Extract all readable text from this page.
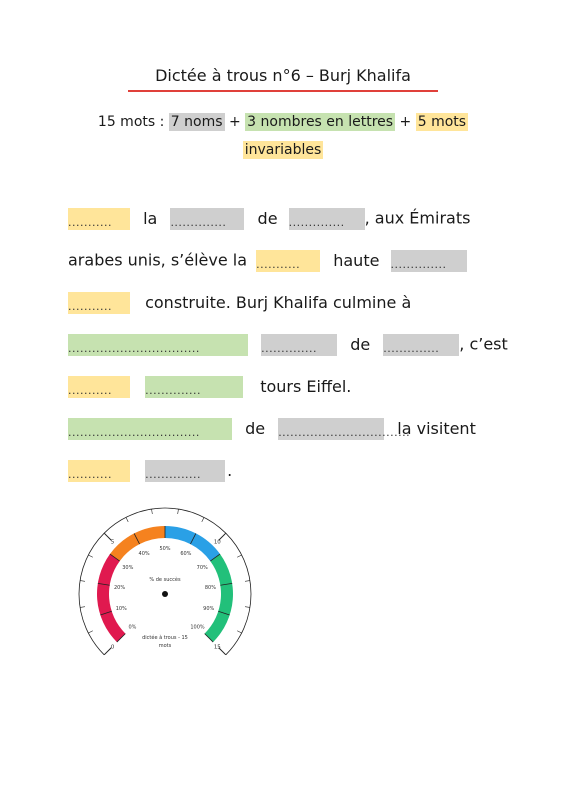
Dictée à trous n°6 – Burj Khalifa
15 mots : 7 noms + 3 nombres en lettres + 5 mots
invariables
........... la .............. de .............. , aux Émirats
arabes unis, s’élève la ........... haute ..............
........... construite. Burj Khalifa culmine à
.................................	.............. de .............. , c’est
...........	..............	tours Eiffel.
.................................	de ................................. la visitent
...........	.............. .
0
5	10
15
0%
10%
20%
30%
40%
50%
60%
70%
80%
90%
100%
% de succès
dictée à trous - 15
mots
